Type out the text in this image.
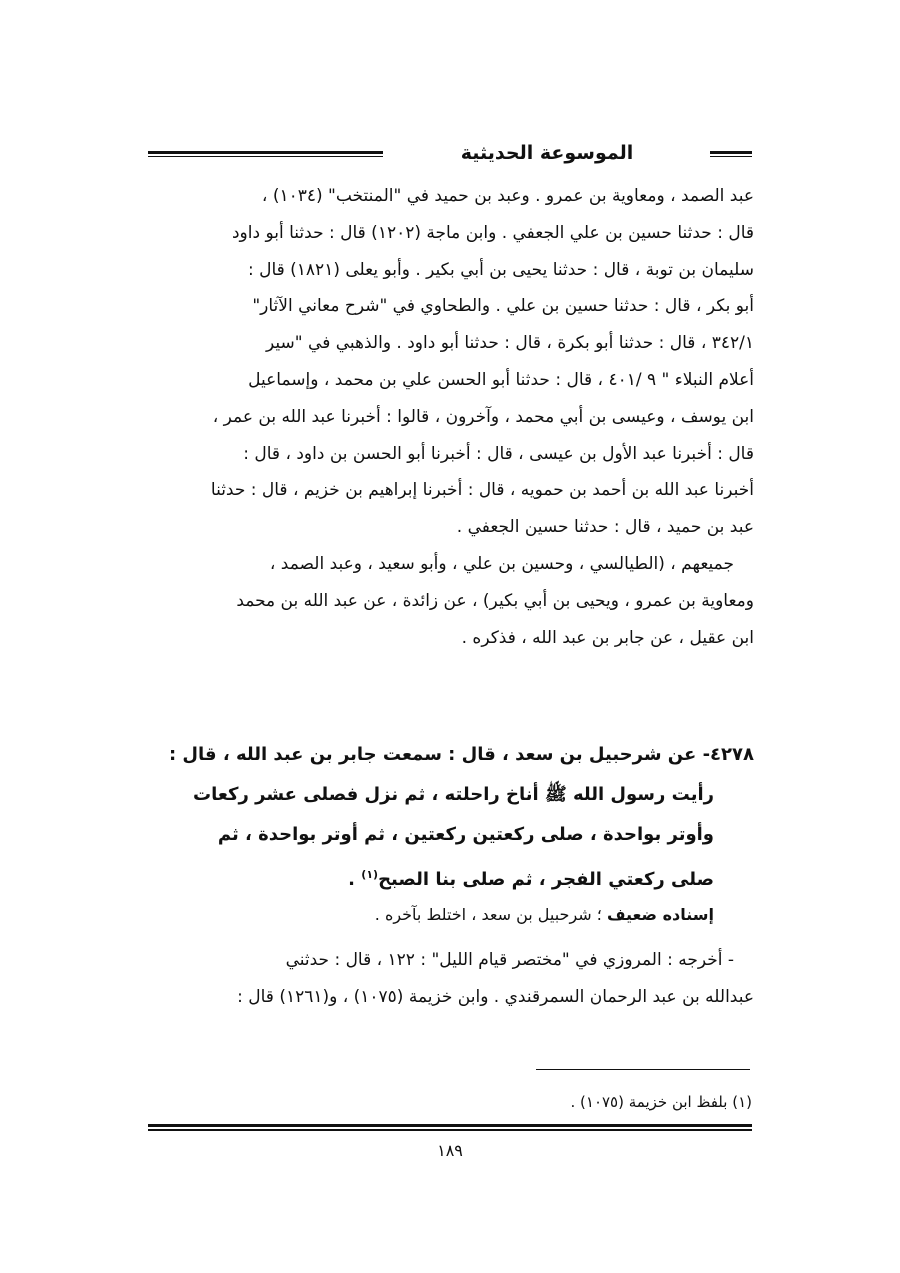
الموسوعة الحديثية

عبد الصمد ، ومعاوية بن عمرو . وعبد بن حميد في "المنتخب" (١٠٣٤) ،

قال : حدثنا حسين بن علي الجعفي . وابن ماجة (١٢٠٢) قال : حدثنا أبو داود

سليمان بن توبة ، قال : حدثنا يحيى بن أبي بكير . وأبو يعلى (١٨٢١) قال :

أبو بكر ، قال : حدثنا حسين بن علي . والطحاوي في "شرح معاني الآثار"

٣٤٢/١ ، قال : حدثنا أبو بكرة ، قال : حدثنا أبو داود . والذهبي في "سير

أعلام النبلاء " ٩ /٤٠١ ، قال : حدثنا أبو الحسن علي بن محمد ، وإسماعيل

ابن يوسف ، وعيسى بن أبي محمد ، وآخرون ، قالوا : أخبرنا عبد الله بن عمر ،

قال : أخبرنا عبد الأول بن عيسى ، قال : أخبرنا أبو الحسن بن داود ، قال :

أخبرنا عبد الله بن أحمد بن حمويه ، قال : أخبرنا إبراهيم بن خزيم ، قال : حدثنا

عبد بن حميد ، قال : حدثنا حسين الجعفي .

جميعهم ، (الطيالسي ، وحسين بن علي ، وأبو سعيد ، وعبد الصمد ،

ومعاوية بن عمرو ، ويحيى بن أبي بكير) ، عن زائدة ، عن عبد الله بن محمد

ابن عقيل ، عن جابر بن عبد الله ، فذكره .

٤٢٧٨- عن شرحبيل بن سعد ، قال : سمعت جابر بن عبد الله ، قال :
رأيت رسول الله ﷺ أناخ راحلته ، ثم نزل فصلى عشر ركعات
وأوتر بواحدة ، صلى ركعتين ركعتين ، ثم أوتر بواحدة ، ثم
صلى ركعتي الفجر ، ثم صلى بنا الصبح$^{(١)}$ .
إسناده ضعيف ؛ شرحبيل بن سعد ، اختلط بآخره .

- أخرجه : المروزي في "مختصر قيام الليل" : ١٢٢ ، قال : حدثني

عبدالله بن عبد الرحمان السمرقندي . وابن خزيمة (١٠٧٥) ، و(١٢٦١) قال :

(١) بلفظ ابن خزيمة (١٠٧٥) .
١٨٩
